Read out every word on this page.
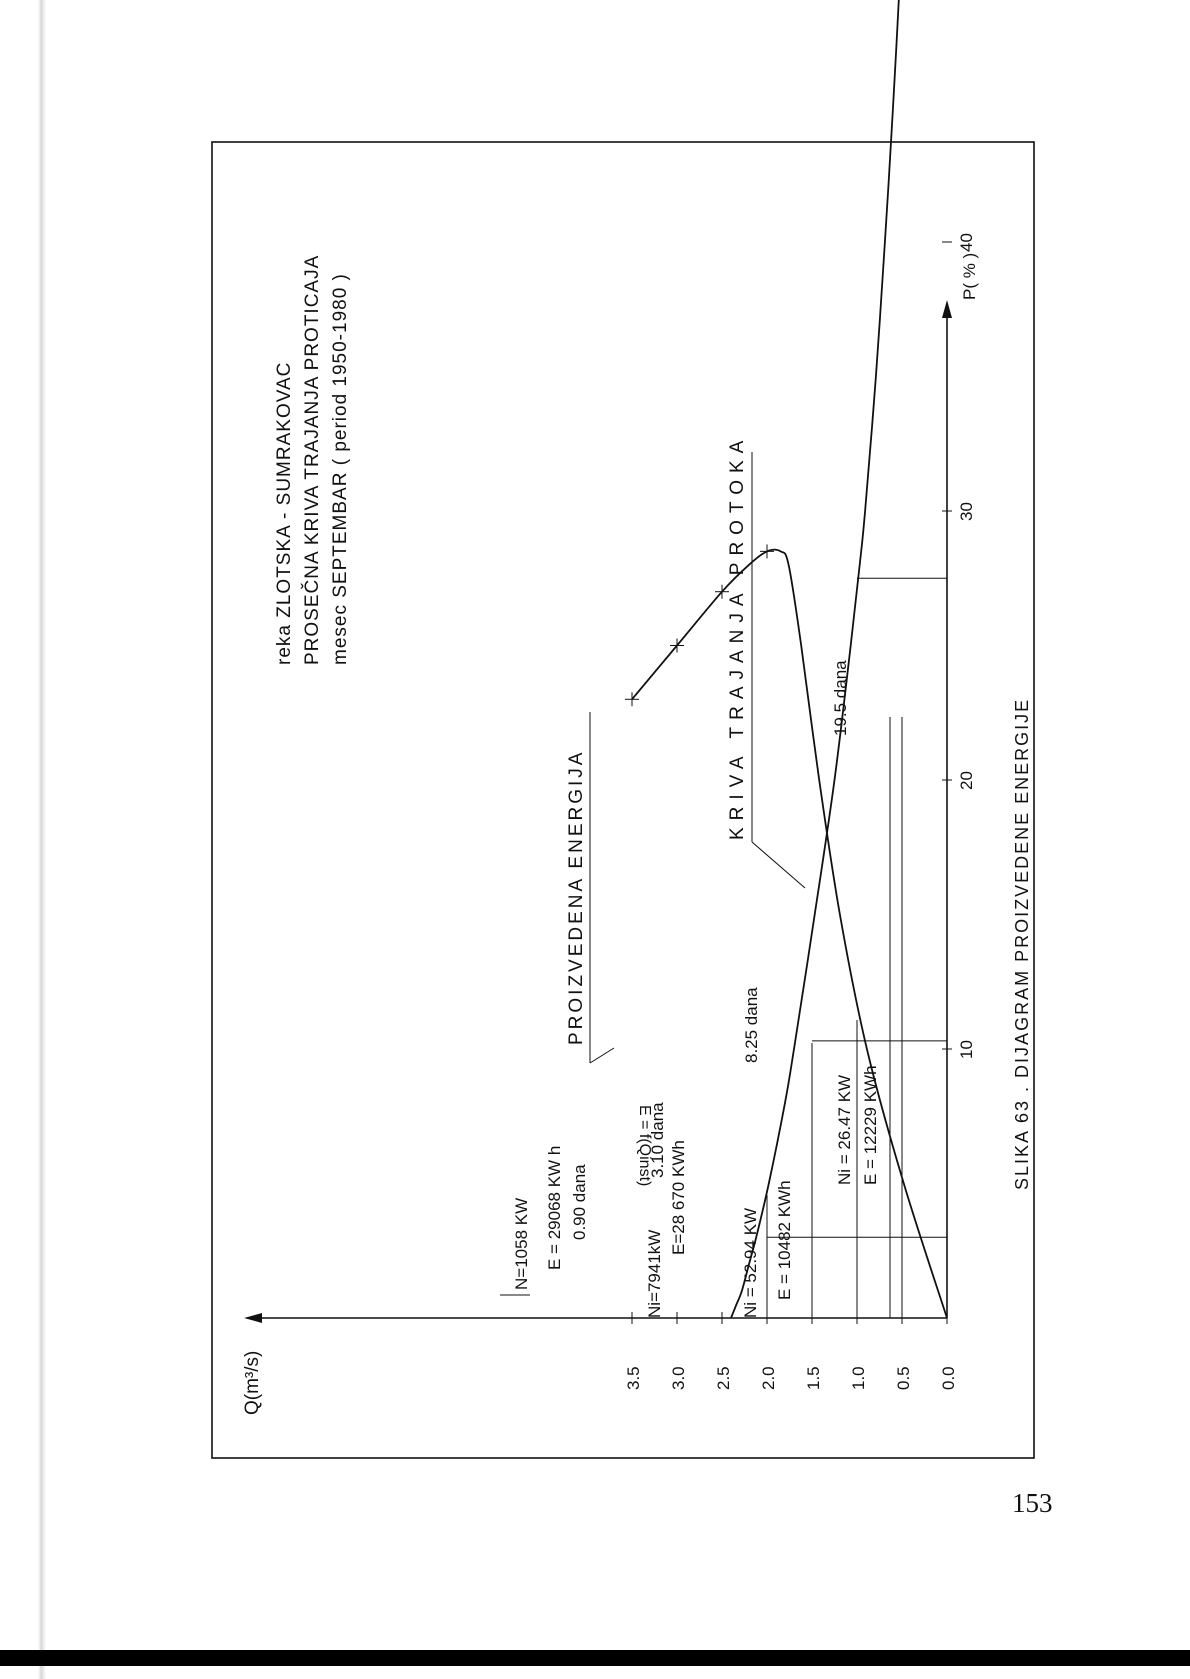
Q(m³/s)
P( % )
0.0
0.5
1.0
1.5
2.0
2.5
3.0
3.5
10
20
30
40
E = f(Qinst)
PROIZVEDENA ENERGIJA
KRIVA TRAJANJA PROTOKA
0.90 dana
N=1058 KW E = 29068 KW h
3.10 dana
Ni=7941kW
E=28 670 KWh
8.25 dana
Ni = 52.94 KW E = 10482 KWh
19.5 dana
Ni = 26.47 KW E = 12229 KWh
reka ZLOTSKA - SUMRAKOVAC PROSEČNA KRIVA TRAJANJA PROTICAJA mesec SEPTEMBAR ( period 1950-1980 )
SLIKA 63 . DIJAGRAM PROIZVEDENE ENERGIJE
153
